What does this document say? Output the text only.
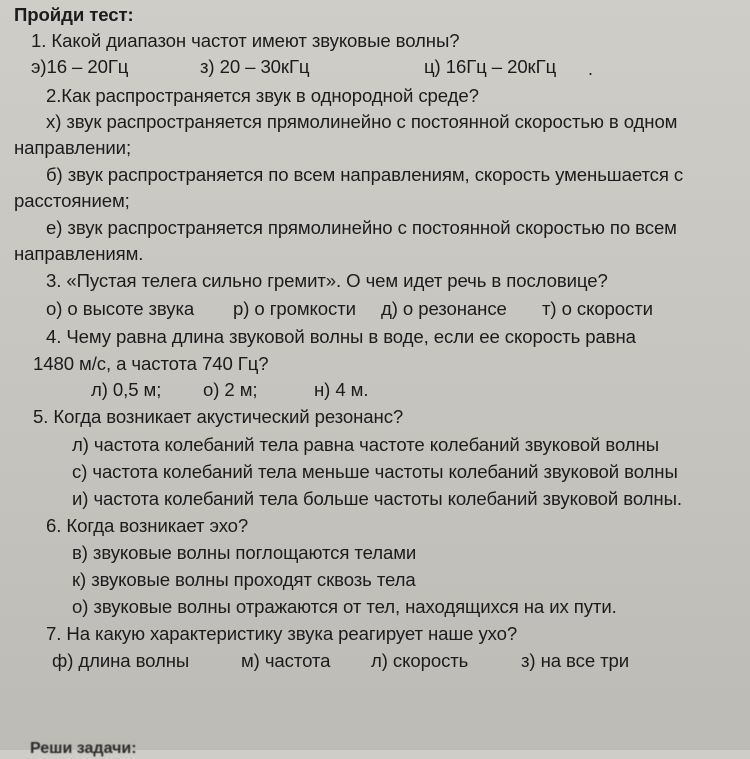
Пройди тест:
1. Какой диапазон частот имеют звуковые волны?
э)16 – 20Гц	з) 20 – 30кГц	ц) 16Гц – 20кГц .
2.Как распространяется звук в однородной среде?
х) звук распространяется прямолинейно с постоянной скоростью в одном
направлении;
б) звук распространяется по всем направлениям, скорость уменьшается с
расстоянием;
е) звук распространяется прямолинейно с постоянной скоростью по всем
направлениям.
3. «Пустая телега сильно гремит». О чем идет речь в пословице?
о) о высоте звука р) о громкости д) о резонансе т) о скорости
4. Чему равна длина звуковой волны в воде, если ее скорость равна
1480 м/с, а частота 740 Гц?
л) 0,5 м; о) 2 м;	н) 4 м.
5. Когда возникает акустический резонанс?
л) частота колебаний тела равна частоте колебаний звуковой волны
с) частота колебаний тела меньше частоты колебаний звуковой волны
и) частота колебаний тела больше частоты колебаний звуковой волны.
6. Когда возникает эхо?
в) звуковые волны поглощаются телами
к) звуковые волны проходят сквозь тела
о) звуковые волны отражаются от тел, находящихся на их пути.
7. На какую характеристику звука реагирует наше ухо?
ф) длина волны	м) частота л) скорость	з) на все три
Реши задачи:
